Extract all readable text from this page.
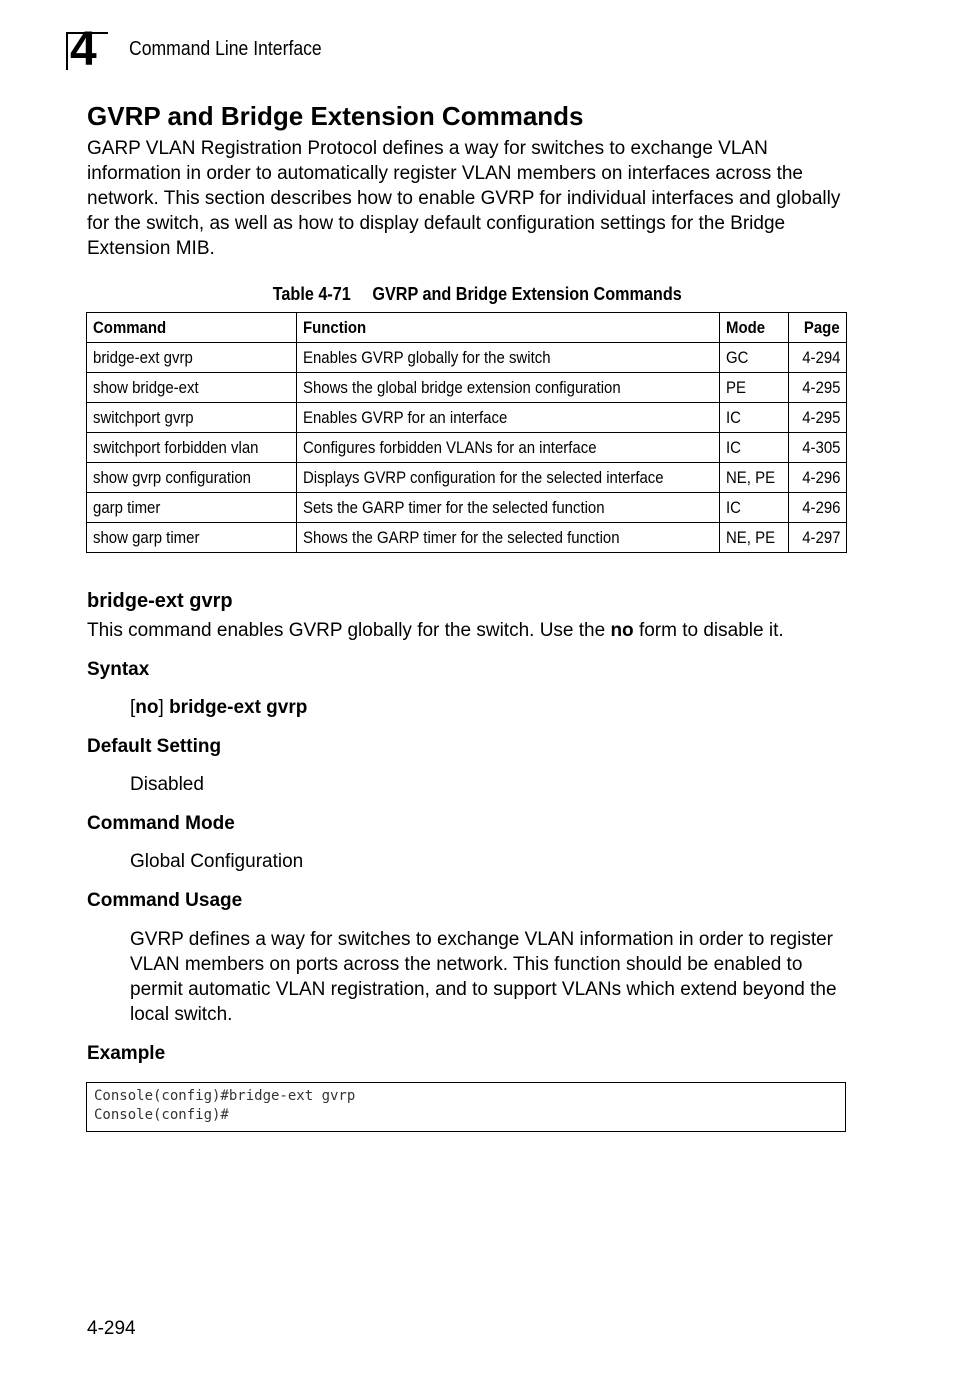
4 Command Line Interface
GVRP and Bridge Extension Commands
GARP VLAN Registration Protocol defines a way for switches to exchange VLAN information in order to automatically register VLAN members on interfaces across the network. This section describes how to enable GVRP for individual interfaces and globally for the switch, as well as how to display default configuration settings for the Bridge Extension MIB.
Table 4-71 GVRP and Bridge Extension Commands
Command	Function	Mode	Page
bridge-ext gvrp	Enables GVRP globally for the switch	GC	4-294
show bridge-ext	Shows the global bridge extension configuration	PE	4-295
switchport gvrp	Enables GVRP for an interface	IC	4-295
switchport forbidden vlan	Configures forbidden VLANs for an interface	IC	4-305
show gvrp configuration	Displays GVRP configuration for the selected interface	NE, PE	4-296
garp timer	Sets the GARP timer for the selected function	IC	4-296
show garp timer	Shows the GARP timer for the selected function	NE, PE	4-297
bridge-ext gvrp
This command enables GVRP globally for the switch. Use the no form to disable it.
Syntax
[no] bridge-ext gvrp
Default Setting
Disabled
Command Mode
Global Configuration
Command Usage
GVRP defines a way for switches to exchange VLAN information in order to register VLAN members on ports across the network. This function should be enabled to permit automatic VLAN registration, and to support VLANs which extend beyond the local switch.
Example
Console(config)#bridge-ext gvrp
Console(config)#
4-294
